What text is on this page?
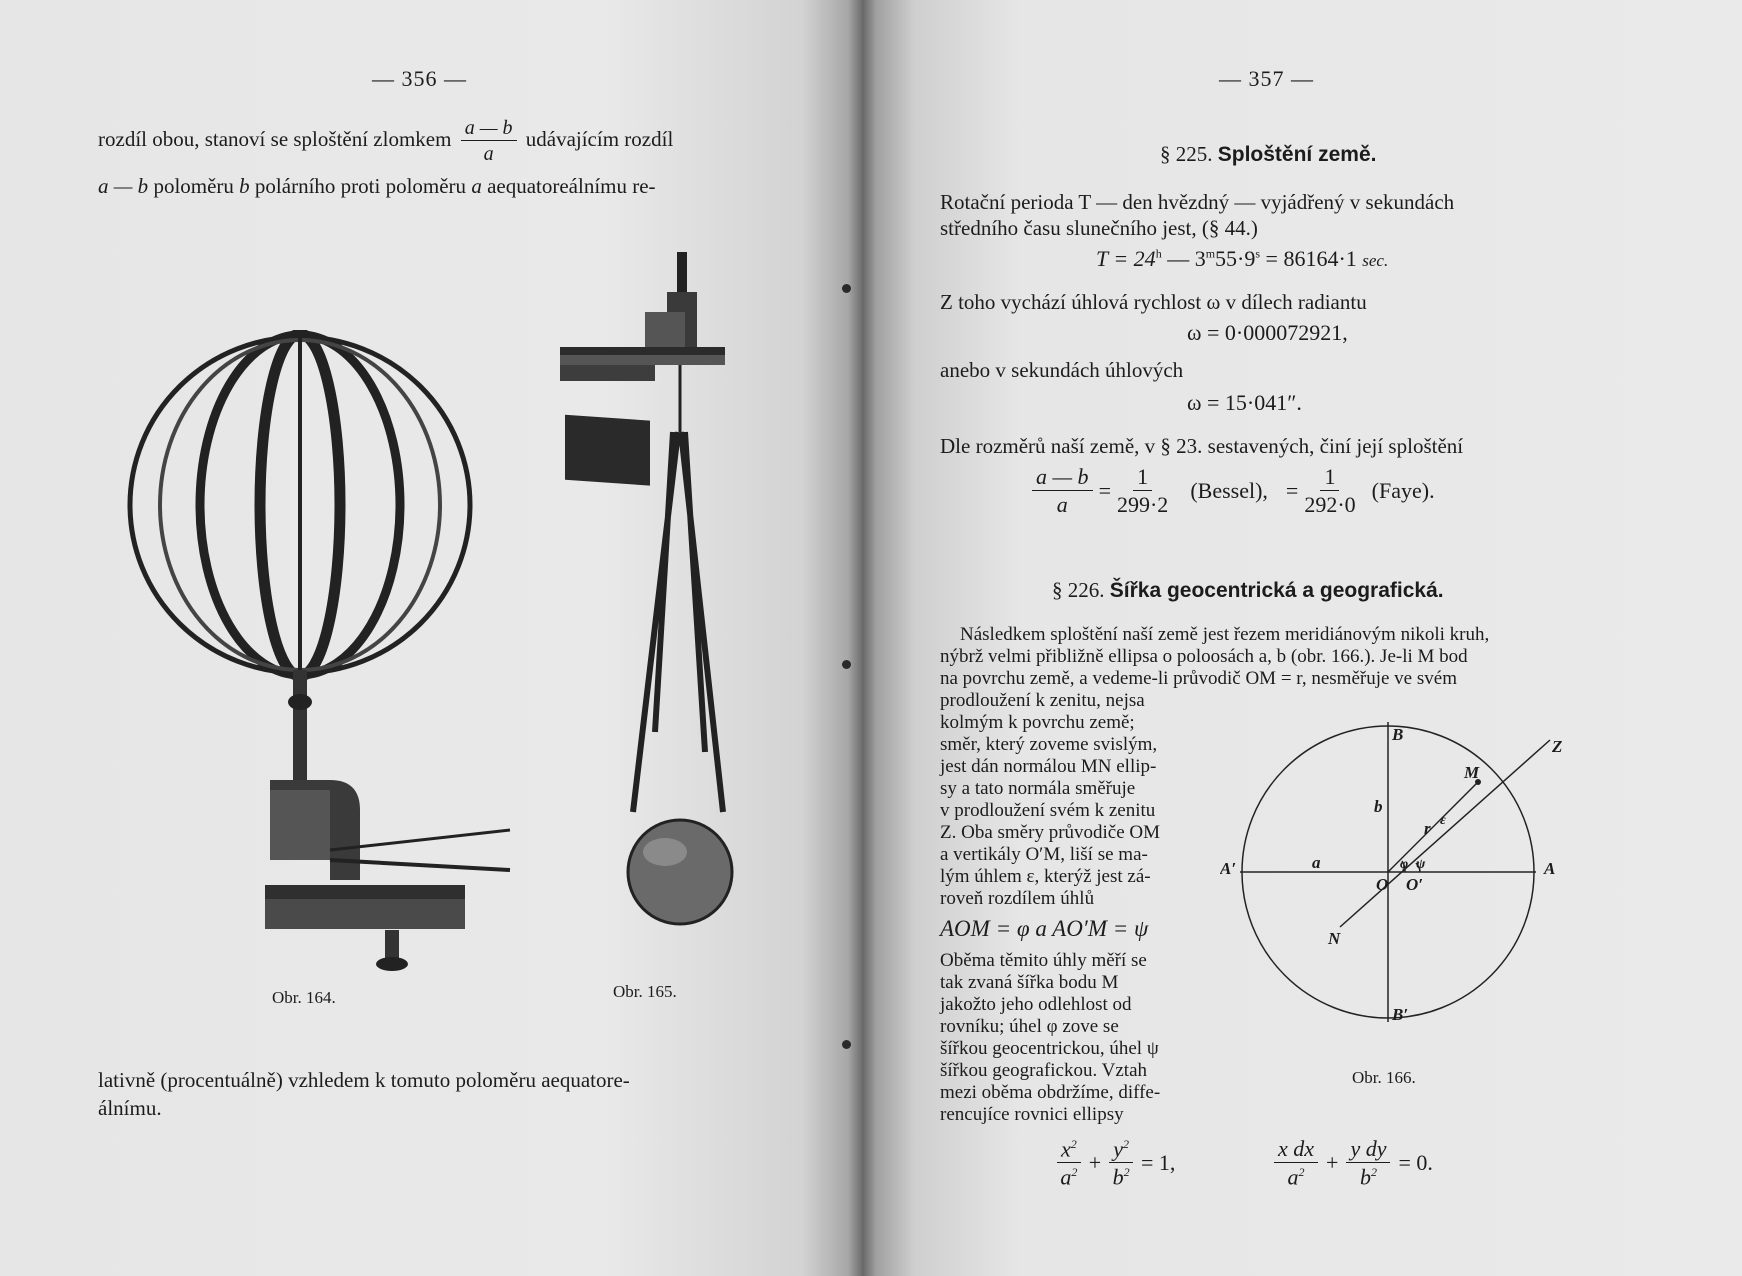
— 356 —
rozdíl obou, stanoví se sploštění zlomkem $\frac{a — b}{a}$ udávajícím rozdíl
a — b poloměru b polárního proti poloměru a aequatoreálnímu re-
Obr. 164.	Obr. 165.
lativně (procentuálně) vzhledem k tomuto poloměru aequatore-
álnímu.
— 357 —
§ 225. Sploštění země.
Rotační perioda T — den hvězdný — vyjádřený v sekundách
středního času slunečního jest, (§ 44.)
$T = 24^h$ — $3^m55\cdot 9^s = 86164\cdot 1$ sec.
Z toho vychází úhlová rychlost ω v dílech radiantu
ω = 0·000072921,
anebo v sekundách úhlových
ω = 15·041″.
Dle rozměrů naší země, v § 23. sestavených, činí její sploštění
$\frac{a — b}{a} = \frac{1}{299\cdot 2}$ (Bessel), = $\frac{1}{292\cdot 0}$ (Faye).
§ 226. Šířka geocentrická a geografická.
Následkem sploštění naší země jest řezem meridiánovým nikoli kruh,
nýbrž velmi přibližně ellipsa o poloosách a, b (obr. 166.). Je-li M bod
na povrchu země, a vedeme-li průvodič OM = r, nesměřuje ve svém
prodloužení k zenitu, nejsa
kolmým k povrchu země;
směr, který zoveme svislým,
jest dán normálou MN ellip-
sy a tato normála směřuje
v prodloužení svém k zenitu
Z. Oba směry průvodiče OM
a vertikály O′M, liší se ma-
lým úhlem ε, kterýž jest zá-
roveň rozdílem úhlů
AOM = φ a AO′M = ψ
Oběma těmito úhly měří se
tak zvaná šířka bodu M
jakožto jeho odlehlost od
rovníku; úhel φ zove se
šířkou geocentrickou, úhel ψ
šířkou geografickou. Vztah
mezi oběma obdržíme, diffe-
rencujíce rovnici ellipsy
B
B′
A
A′
M
Z
N
O O′
b
a
r ε
φ ψ
Obr. 166.
$\frac{x^2}{a^2} + \frac{y^2}{b^2} = 1$,	$\frac{\text{x dx}}{a^2} + \frac{\text{y dy}}{b^2} = 0$.
